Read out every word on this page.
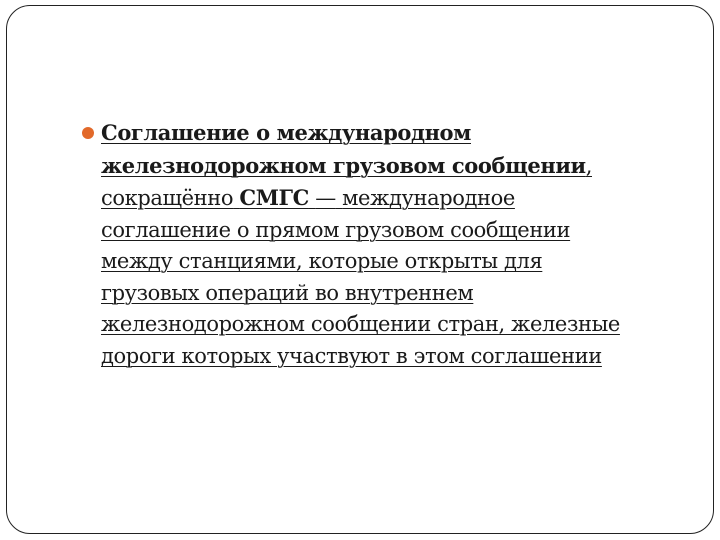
Соглашение о международном
железнодорожном грузовом сообщении,
сокращённо СМГС — международное
соглашение о прямом грузовом сообщении
между станциями, которые открыты для
грузовых операций во внутреннем
железнодорожном сообщении стран, железные
дороги которых участвуют в этом соглашении
